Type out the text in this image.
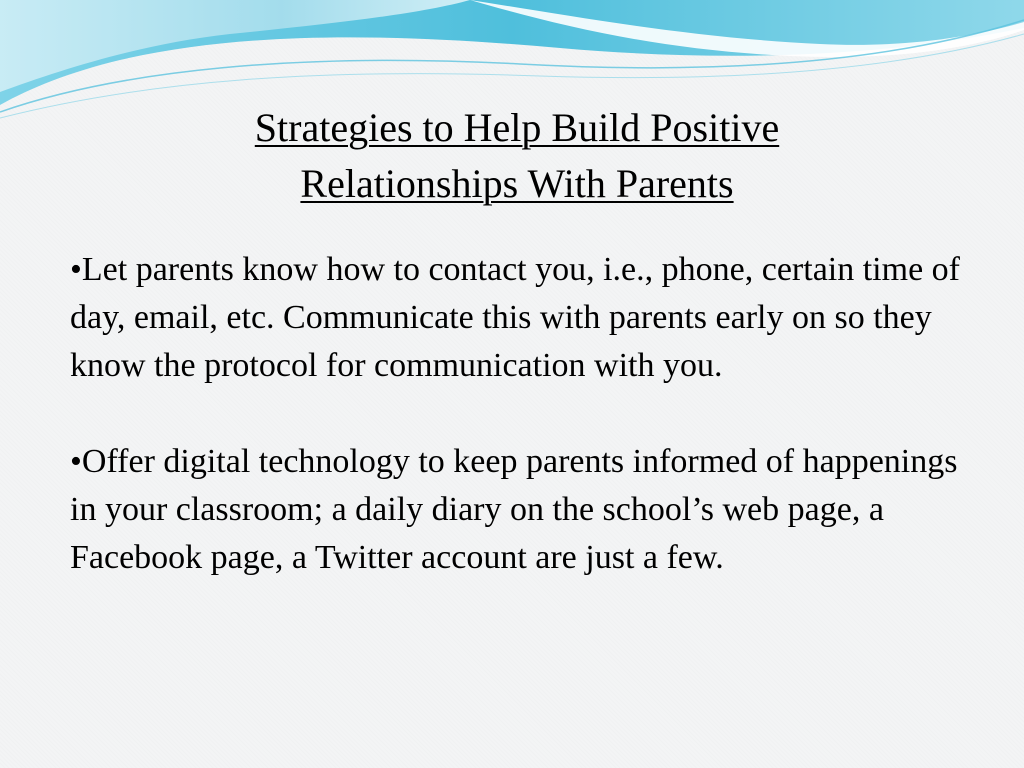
Strategies to Help Build Positive
Relationships With Parents

•Let parents know how to contact you, i.e., phone, certain time of day, email, etc. Communicate this with parents early on so they know the protocol for communication with you.

•Offer digital technology to keep parents informed of happenings in your classroom; a daily diary on the school’s web page, a Facebook page, a Twitter account are just a few.
